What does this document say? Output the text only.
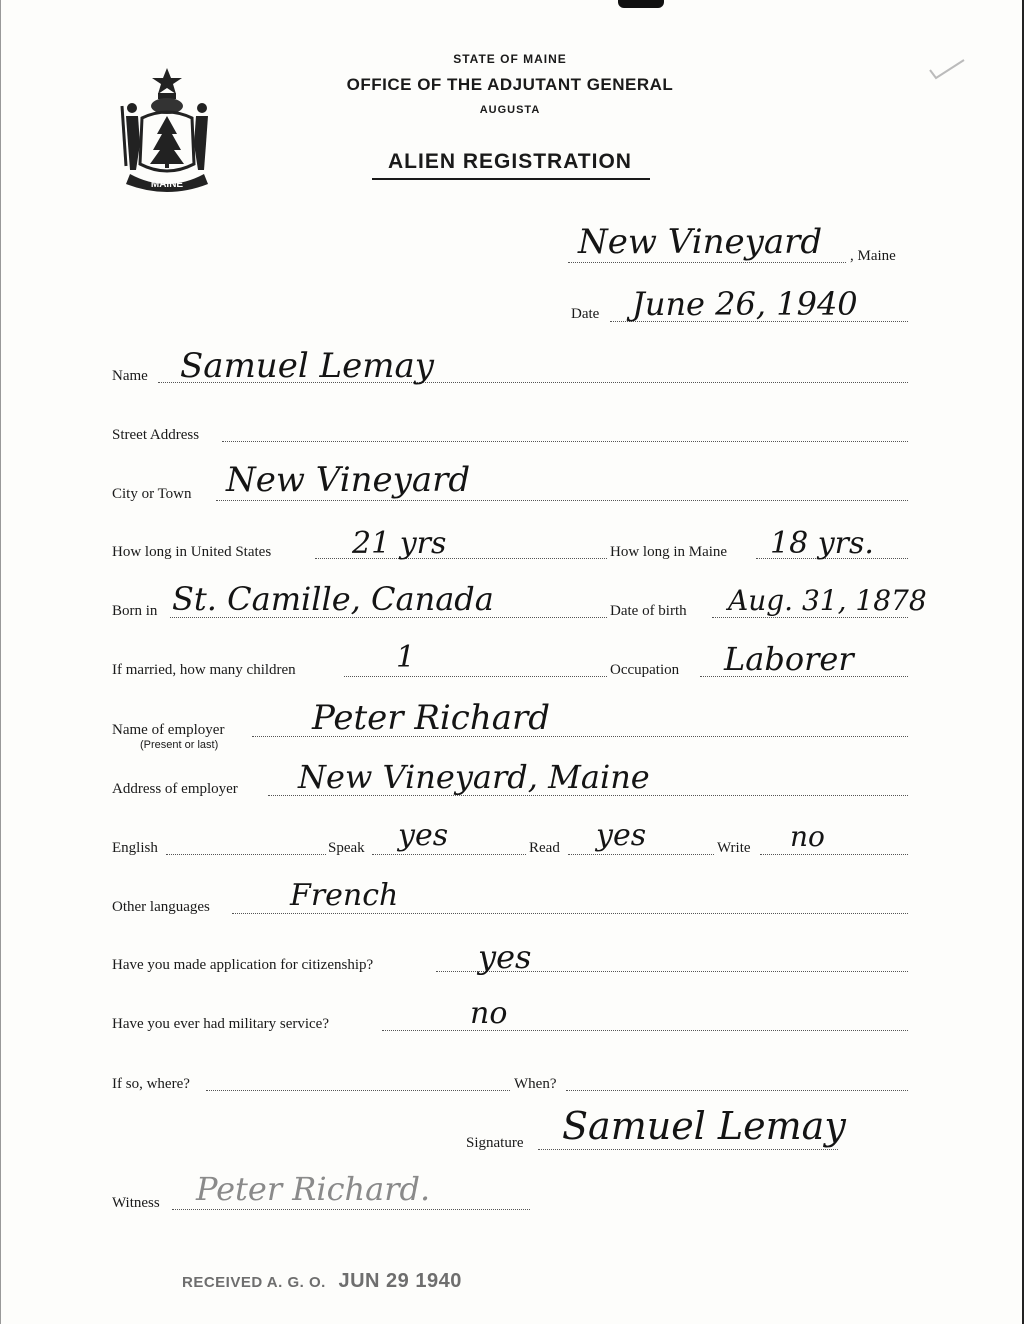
MAINE
STATE OF MAINE
OFFICE OF THE ADJUTANT GENERAL
AUGUSTA
ALIEN REGISTRATION
New Vineyard , Maine
Date June 26, 1940
Name Samuel Lemay
Street Address
City or Town New Vineyard
How long in United States	21 yrs	How long in Maine 18 yrs.
Born in St. Camille, Canada	Date of birth Aug. 31, 1878
If married, how many children	1	Occupation Laborer
Name of employer
(Present or last)
Peter Richard
Address of employer New Vineyard, Maine
English	Speak yes	Read yes	Write no
Other languages	French
Have you made application for citizenship?	yes
Have you ever had military service?	no
If so, where?	When?
Signature Samuel Lemay
Witness Peter Richard.
RECEIVED A. G. O. JUN 29 1940
